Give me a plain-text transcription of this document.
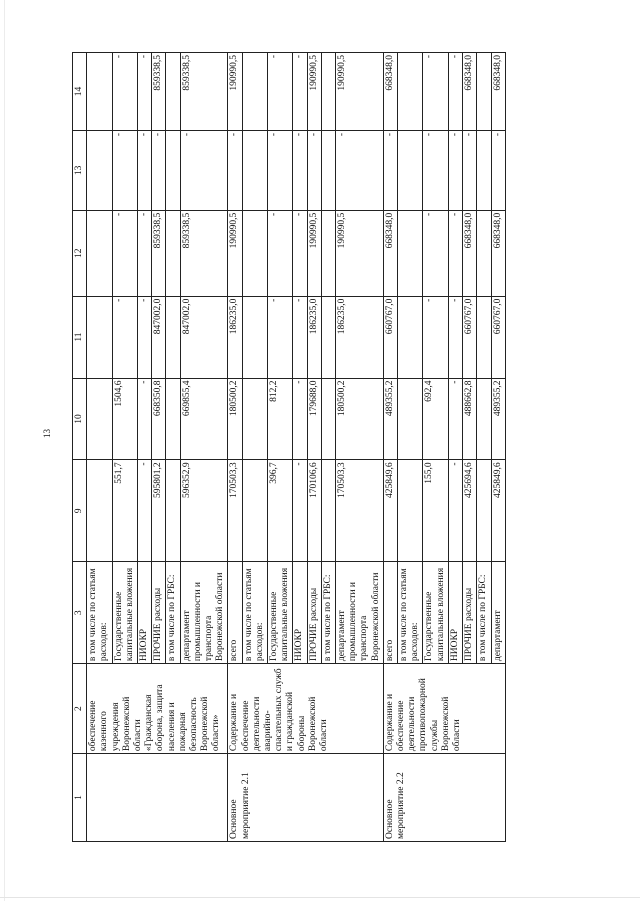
13
1	2	3	9	10	11	12	13	14
	обеспечение казенного учреждения Воронежской области «Гражданская оборона, защита населения и пожарная безопасность Воронежской области»	в том числе по статьям расходов:						
		Государственные капитальные вложения	551,7	1504,6	-	-	-	-
		НИОКР	-	-	-	-	-	-
		ПРОЧИЕ расходы	595801,2	668350,8	847002,0	859338,5	-	859338,5
		в том числе по ГРБС:						
		департамент промышленности и транспорта Воронежской области	596352,9	669855,4	847002,0	859338,5	-	859338,5
Основное мероприятие 2.1	Содержание и обеспечение деятельности аварийно-спасательных служб и гражданской обороны Воронежской области	всего	170503,3	180500,2	186235,0	190990,5	-	190990,5
		в том числе по статьям расходов:						
		Государственные капитальные вложения	396,7	812,2	-	-	-	-
		НИОКР	-	-	-	-	-	-
		ПРОЧИЕ расходы	170106,6	179688,0	186235,0	190990,5	-	190990,5
		в том числе по ГРБС:						
		департамент промышленности и транспорта Воронежской области	170503,3	180500,2	186235,0	190990,5	-	190990,5
Основное мероприятие 2.2	Содержание и обеспечение деятельности противопожарной службы Воронежской области	всего	425849,6	489355,2	660767,0	668348,0	-	668348,0
		в том числе по статьям расходов:						
		Государственные капитальные вложения	155,0	692,4	-	-	-	-
		НИОКР	-	-	-	-	-	-
		ПРОЧИЕ расходы	425694,6	488662,8	660767,0	668348,0	-	668348,0
		в том числе по ГРБС:						
		департамент	425849,6	489355,2	660767,0	668348,0	-	668348,0
